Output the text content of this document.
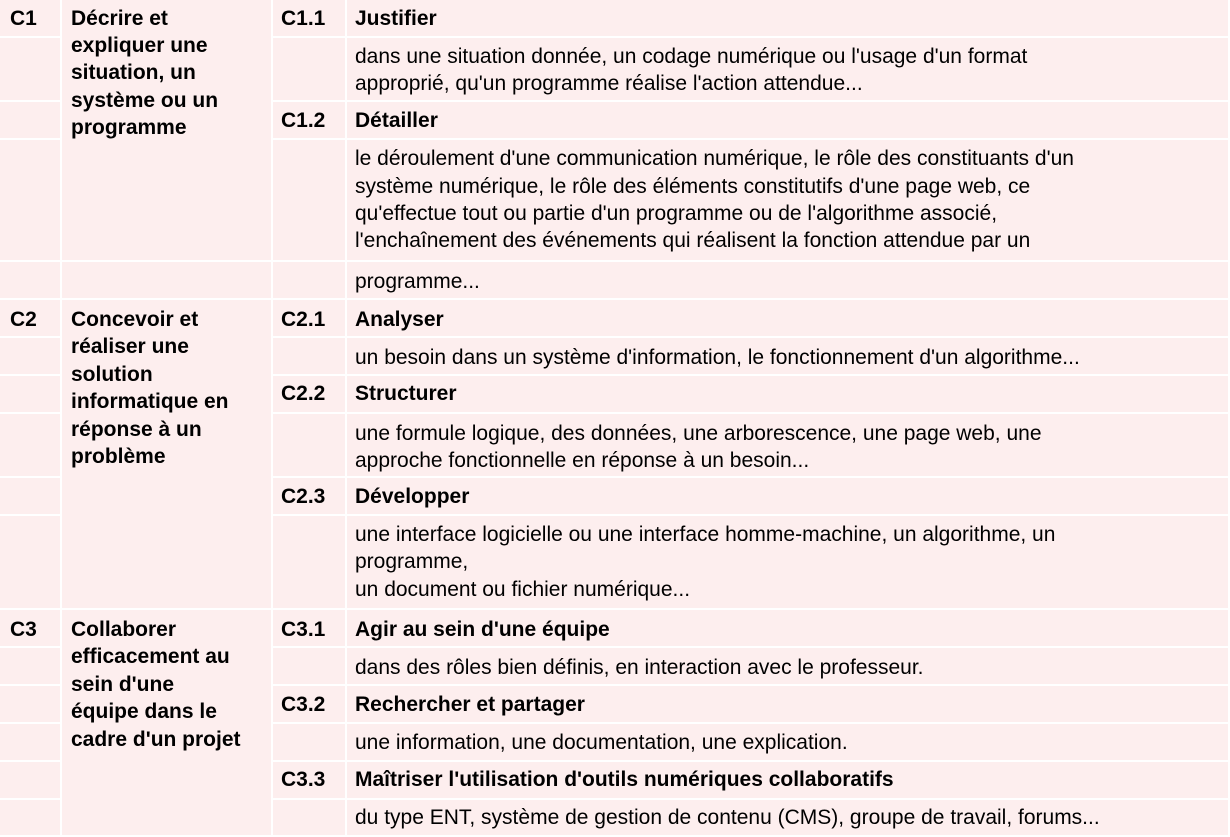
C1 Décrire et
expliquer une
situation, un
système ou un
programme
C1.1 Justifier
dans une situation donnée, un codage numérique ou l'usage d'un format
approprié, qu'un programme réalise l'action attendue...
C1.2 Détailler
le déroulement d'une communication numérique, le rôle des constituants d'un
système numérique, le rôle des éléments constitutifs d'une page web, ce
qu'effectue tout ou partie d'un programme ou de l'algorithme associé,
l'enchaînement des événements qui réalisent la fonction attendue par un
programme...
C2 Concevoir et
réaliser une
solution
informatique en
réponse à un
problème
C2.1 Analyser
un besoin dans un système d'information, le fonctionnement d'un algorithme...
C2.2 Structurer
une formule logique, des données, une arborescence, une page web, une
approche fonctionnelle en réponse à un besoin...
C2.3 Développer
une interface logicielle ou une interface homme-machine, un algorithme, un
programme,
un document ou fichier numérique...
C3 Collaborer
efficacement au
sein d'une
équipe dans le
cadre d'un projet
C3.1 Agir au sein d'une équipe
dans des rôles bien définis, en interaction avec le professeur.
C3.2 Rechercher et partager
une information, une documentation, une explication.
C3.3 Maîtriser l'utilisation d'outils numériques collaboratifs
du type ENT, système de gestion de contenu (CMS), groupe de travail, forums...
